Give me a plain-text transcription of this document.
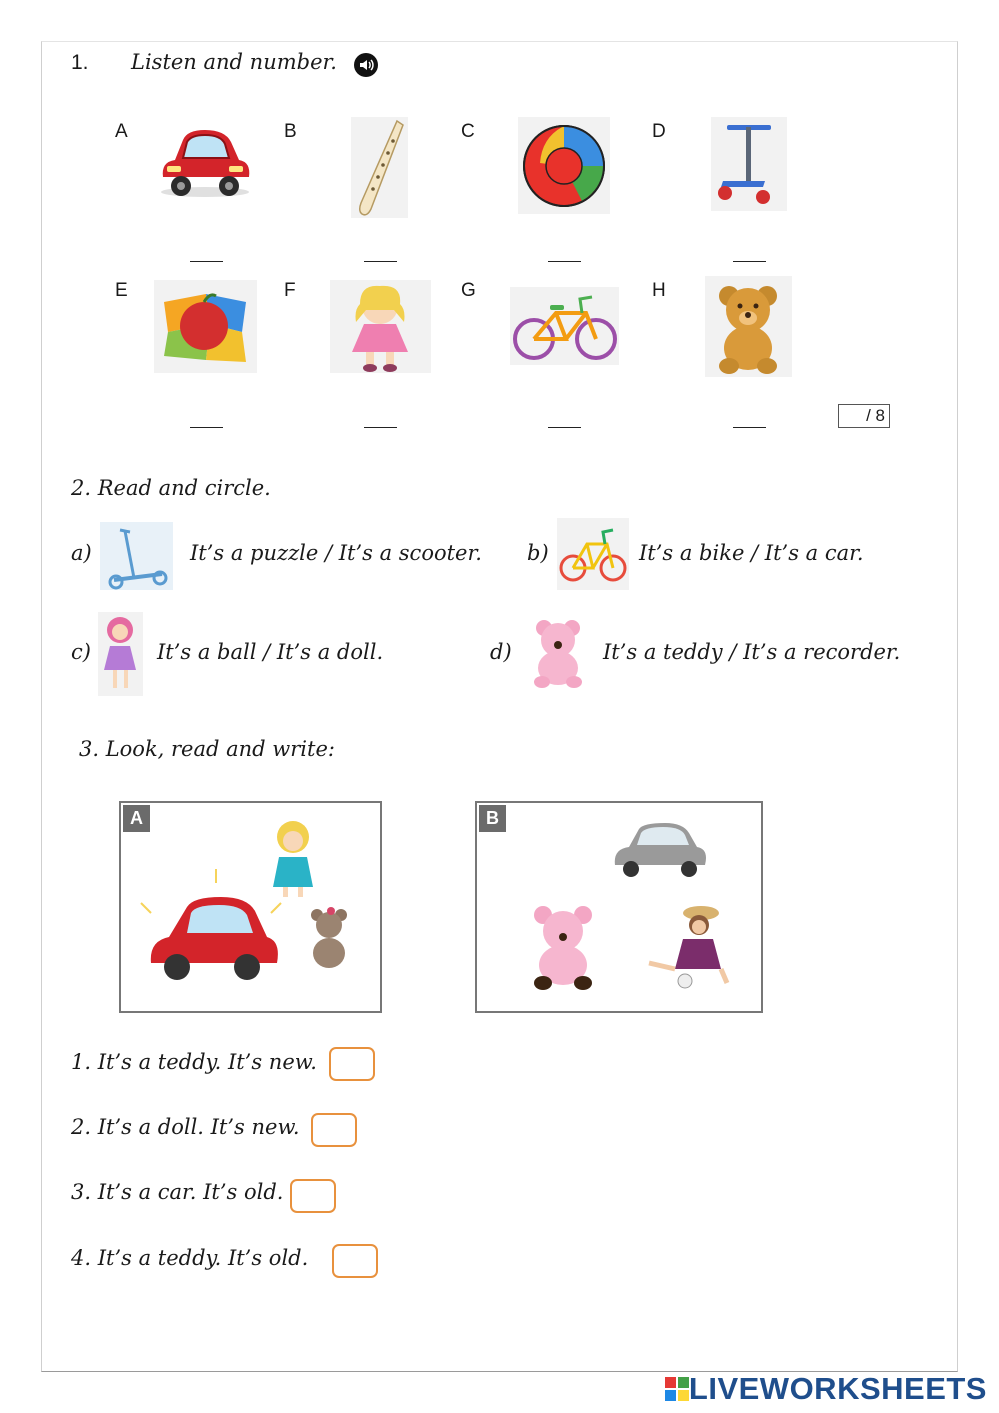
1. Listen and number.
A	B	C	D
E	F	G	H
/ 8
2. Read and circle.
a)	It’s a puzzle / It’s a scooter. b)	It’s a bike / It’s a car.
c)	It’s a ball / It’s a doll.	d)	It’s a teddy / It’s a recorder.
3. Look, read and write:
A	B
1. It’s a teddy. It’s new.
2. It’s a doll. It’s new.
3. It’s a car. It’s old.
4. It’s a teddy. It’s old.
LIVEWORKSHEETS
